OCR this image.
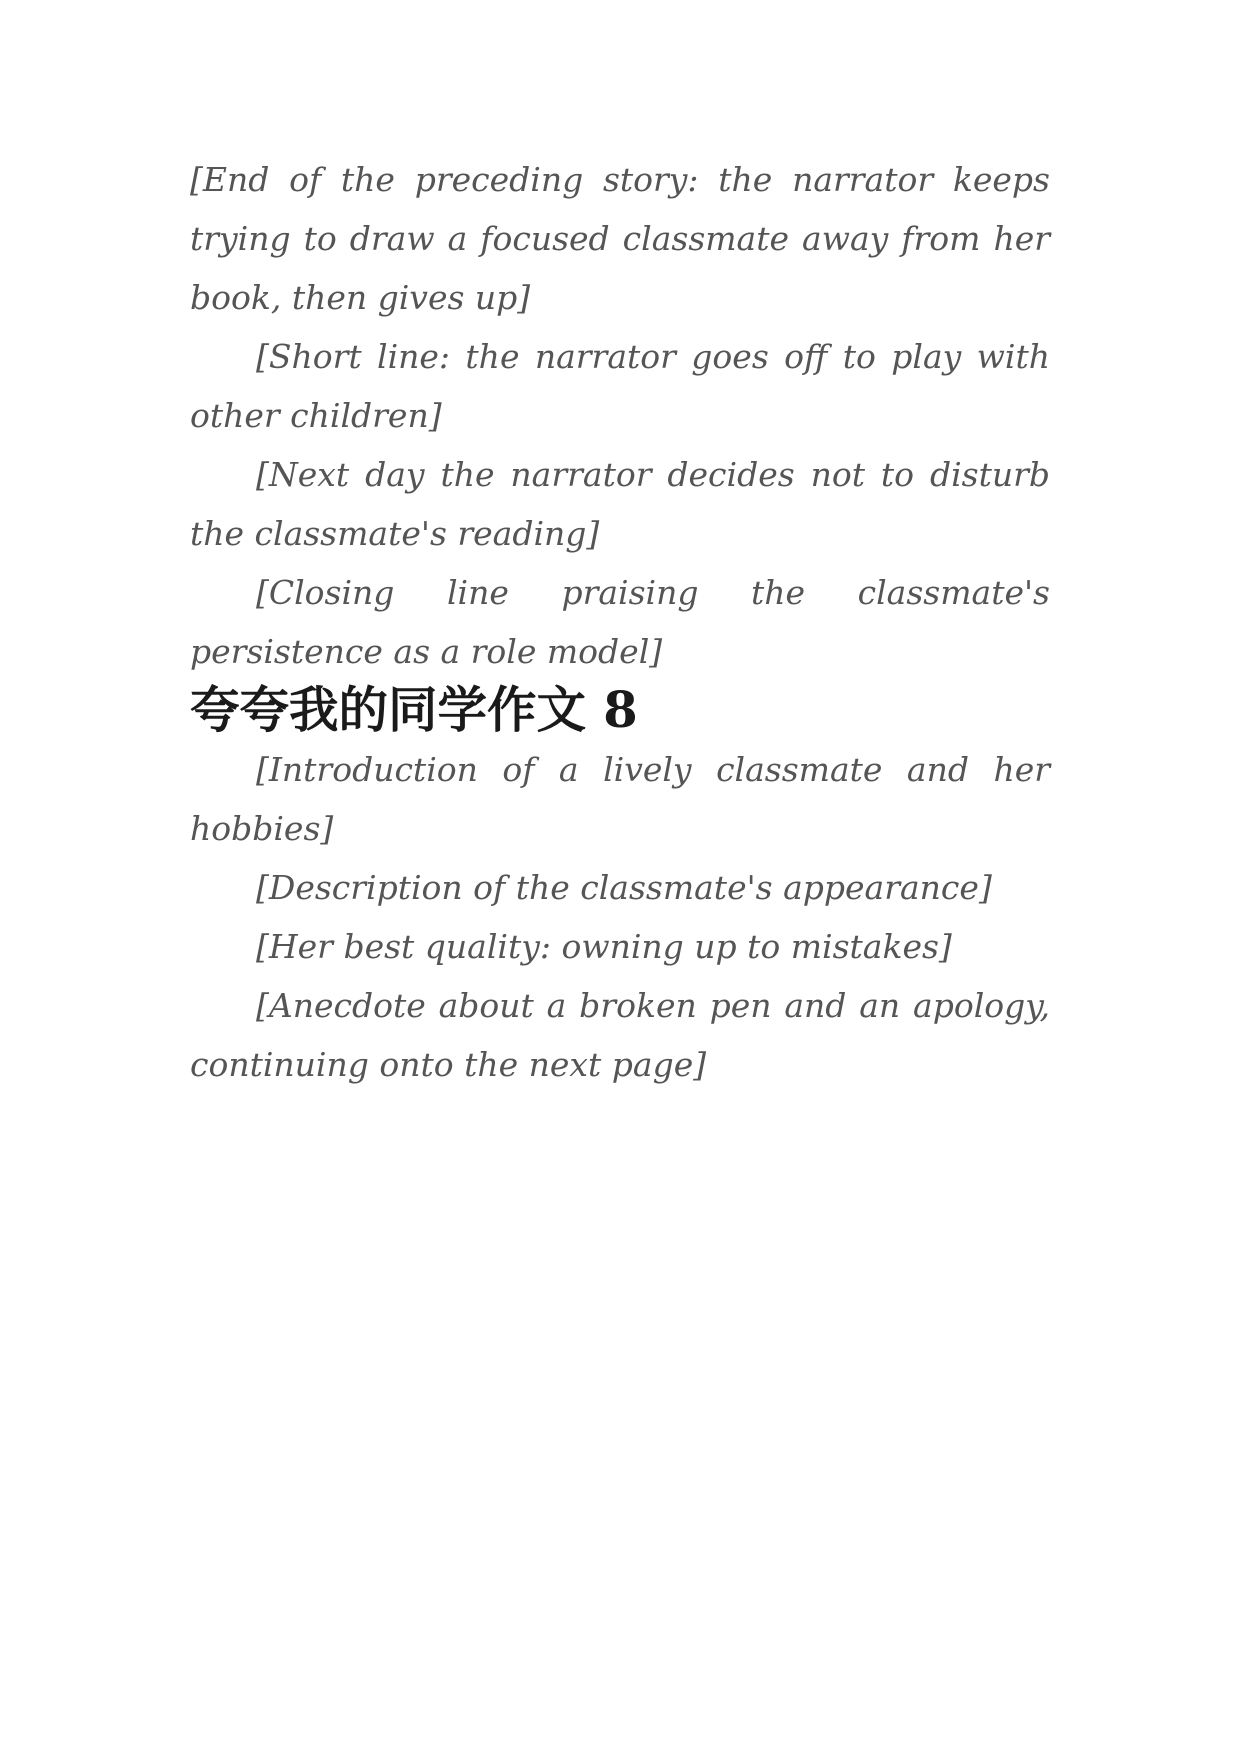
[End of the preceding story: the narrator keeps trying to draw a focused classmate away from her book, then gives up]

[Short line: the narrator goes off to play with other children]

[Next day the narrator decides not to disturb the classmate's reading]

[Closing line praising the classmate's persistence as a role model]

夸夸我的同学作文 8

[Introduction of a lively classmate and her hobbies]

[Description of the classmate's appearance]

[Her best quality: owning up to mistakes]

[Anecdote about a broken pen and an apology, continuing onto the next page]
